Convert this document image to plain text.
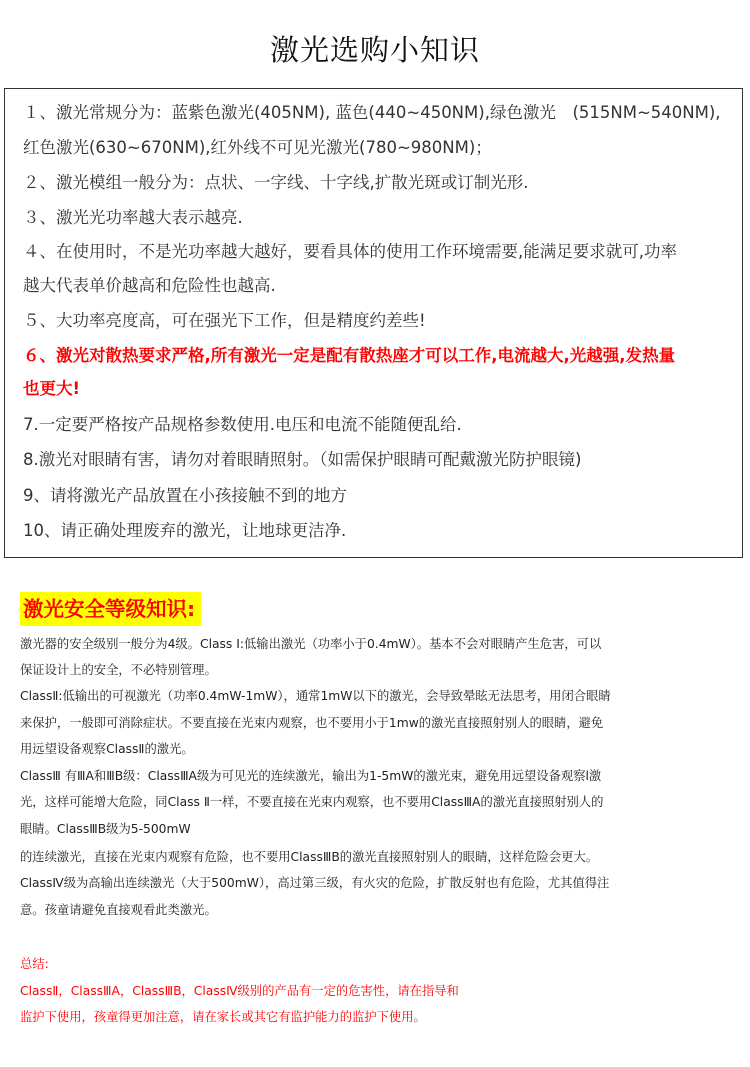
激光选购小知识
１、激光常规分为：蓝紫色激光(405NM), 蓝色(440~450NM),绿色激光　(515NM~540NM),
红色激光(630~670NM),红外线不可见光激光(780~980NM)；
２、激光模组一般分为：点状、一字线、十字线,扩散光斑或订制光形.
３、激光光功率越大表示越亮.
４、在使用时，不是光功率越大越好，要看具体的使用工作环境需要,能满足要求就可,功率
越大代表单价越高和危险性也越高.
５、大功率亮度高，可在强光下工作，但是精度约差些!
６、激光对散热要求严格,所有激光一定是配有散热座才可以工作,电流越大,光越强,发热量
也更大!
7.一定要严格按产品规格参数使用.电压和电流不能随便乱给.
8.激光对眼睛有害，请勿对着眼睛照射。（如需保护眼睛可配戴激光防护眼镜)
9、请将激光产品放置在小孩接触不到的地方
10、请正确处理废弃的激光，让地球更洁净.
激光安全等级知识:
激光器的安全级别一般分为4级。Class Ⅰ:低输出激光（功率小于0.4mW）。基本不会对眼睛产生危害，可以
保证设计上的安全，不必特别管理。
ClassⅡ:低输出的可视激光（功率0.4mW-1mW），通常1mW以下的激光，会导致晕眩无法思考，用闭合眼睛
来保护，一般即可消除症状。不要直接在光束内观察，也不要用小于1mw的激光直接照射别人的眼睛，避免
用远望设备观察ClassⅡ的激光。
ClassⅢ 有ⅢA和ⅢB级：ClassⅢA级为可见光的连续激光，输出为1-5mW的激光束，避免用远望设备观察l激
光，这样可能增大危险，同Class Ⅱ一样，不要直接在光束内观察，也不要用ClassⅢA的激光直接照射别人的
眼睛。ClassⅢB级为5-500mW
的连续激光，直接在光束内观察有危险，也不要用ClassⅢB的激光直接照射别人的眼睛，这样危险会更大。
ClassⅣ级为高输出连续激光（大于500mW），高过第三级，有火灾的危险，扩散反射也有危险，尤其值得注
意。孩童请避免直接观看此类激光。
总结:
ClassⅡ，ClassⅢA，ClassⅢB，ClassⅣ级别的产品有一定的危害性，请在指导和
监护下使用，孩童得更加注意，请在家长或其它有监护能力的监护下使用。
